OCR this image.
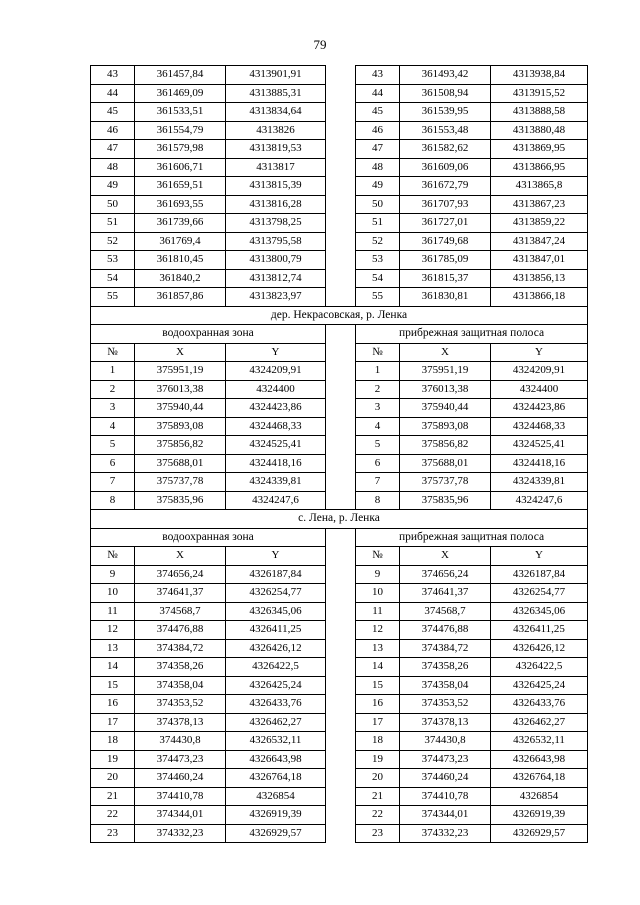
79
43	361457,84	4313901,91		43	361493,42	4313938,84
44	361469,09	4313885,31		44	361508,94	4313915,52
45	361533,51	4313834,64		45	361539,95	4313888,58
46	361554,79	4313826		46	361553,48	4313880,48
47	361579,98	4313819,53		47	361582,62	4313869,95
48	361606,71	4313817		48	361609,06	4313866,95
49	361659,51	4313815,39		49	361672,79	4313865,8
50	361693,55	4313816,28		50	361707,93	4313867,23
51	361739,66	4313798,25		51	361727,01	4313859,22
52	361769,4	4313795,58		52	361749,68	4313847,24
53	361810,45	4313800,79		53	361785,09	4313847,01
54	361840,2	4313812,74		54	361815,37	4313856,13
55	361857,86	4313823,97		55	361830,81	4313866,18
дер. Некрасовская, р. Ленка						
водоохранная зона				прибрежная защитная полоса		
№	X	Y		№	X	Y
1	375951,19	4324209,91		1	375951,19	4324209,91
2	376013,38	4324400		2	376013,38	4324400
3	375940,44	4324423,86		3	375940,44	4324423,86
4	375893,08	4324468,33		4	375893,08	4324468,33
5	375856,82	4324525,41		5	375856,82	4324525,41
6	375688,01	4324418,16		6	375688,01	4324418,16
7	375737,78	4324339,81		7	375737,78	4324339,81
8	375835,96	4324247,6		8	375835,96	4324247,6
с. Лена, р. Ленка						
водоохранная зона				прибрежная защитная полоса		
№	X	Y		№	X	Y
9	374656,24	4326187,84		9	374656,24	4326187,84
10	374641,37	4326254,77		10	374641,37	4326254,77
11	374568,7	4326345,06		11	374568,7	4326345,06
12	374476,88	4326411,25		12	374476,88	4326411,25
13	374384,72	4326426,12		13	374384,72	4326426,12
14	374358,26	4326422,5		14	374358,26	4326422,5
15	374358,04	4326425,24		15	374358,04	4326425,24
16	374353,52	4326433,76		16	374353,52	4326433,76
17	374378,13	4326462,27		17	374378,13	4326462,27
18	374430,8	4326532,11		18	374430,8	4326532,11
19	374473,23	4326643,98		19	374473,23	4326643,98
20	374460,24	4326764,18		20	374460,24	4326764,18
21	374410,78	4326854		21	374410,78	4326854
22	374344,01	4326919,39		22	374344,01	4326919,39
23	374332,23	4326929,57		23	374332,23	4326929,57
